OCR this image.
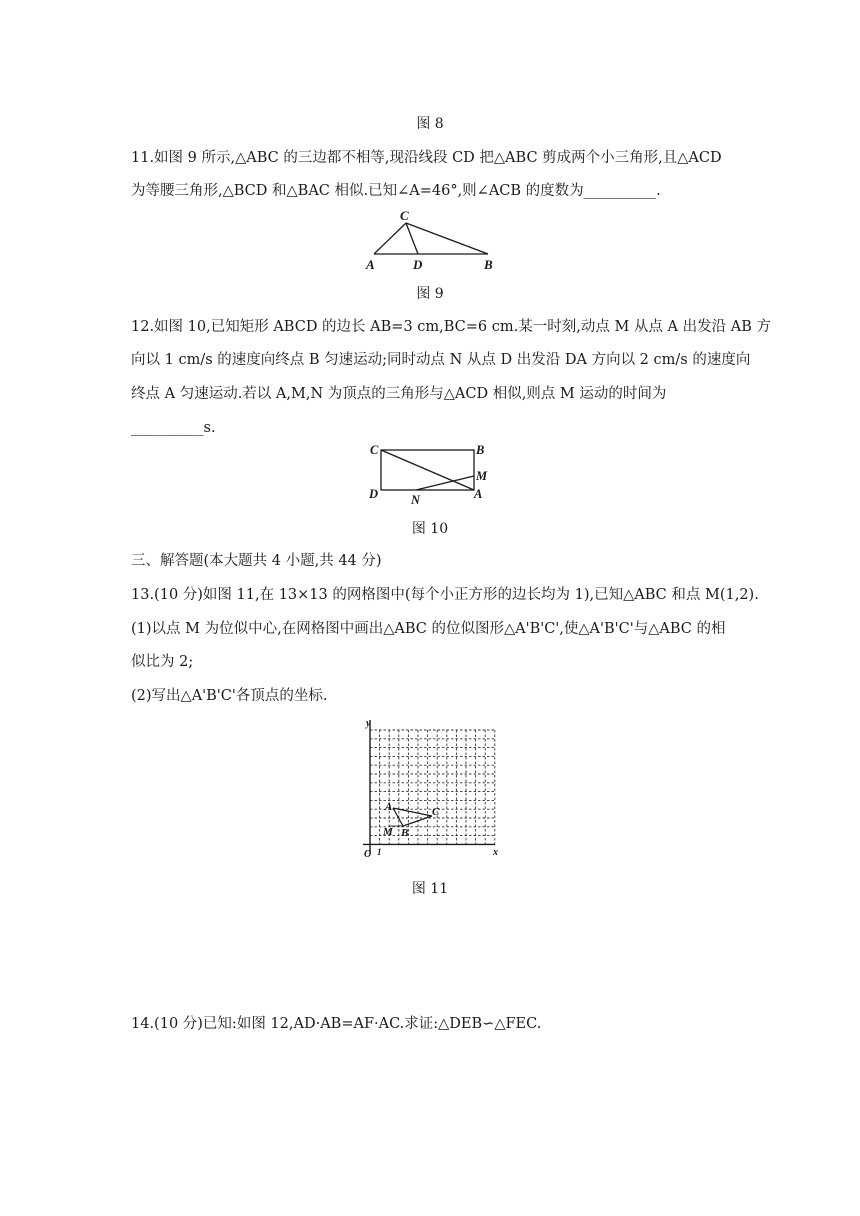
图 8
11.如图 9 所示,△ABC 的三边都不相等,现沿线段 CD 把△ABC 剪成两个小三角形,且△ACD
为等腰三角形,△BCD 和△BAC 相似.已知∠A=46°,则∠ACB 的度数为__________.
C
A	D	B
图 9
12.如图 10,已知矩形 ABCD 的边长 AB=3 cm,BC=6 cm.某一时刻,动点 M 从点 A 出发沿 AB 方
向以 1 cm/s 的速度向终点 B 匀速运动;同时动点 N 从点 D 出发沿 DA 方向以 2 cm/s 的速度向
终点 A 匀速运动.若以 A,M,N 为顶点的三角形与△ACD 相似,则点 M 运动的时间为
__________s.
C	B
M
D	N	A
图 10
三、解答题(本大题共 4 小题,共 44 分)
13.(10 分)如图 11,在 13×13 的网格图中(每个小正方形的边长均为 1),已知△ABC 和点 M(1,2).
(1)以点 M 为位似中心,在网格图中画出△ABC 的位似图形△A'B'C',使△A'B'C'与△ABC 的相
似比为 2;
(2)写出△A'B'C'各顶点的坐标.
y
x
O 1
A
B
C
M
图 11
14.(10 分)已知:如图 12,AD·AB=AF·AC.求证:△DEB∽△FEC.
